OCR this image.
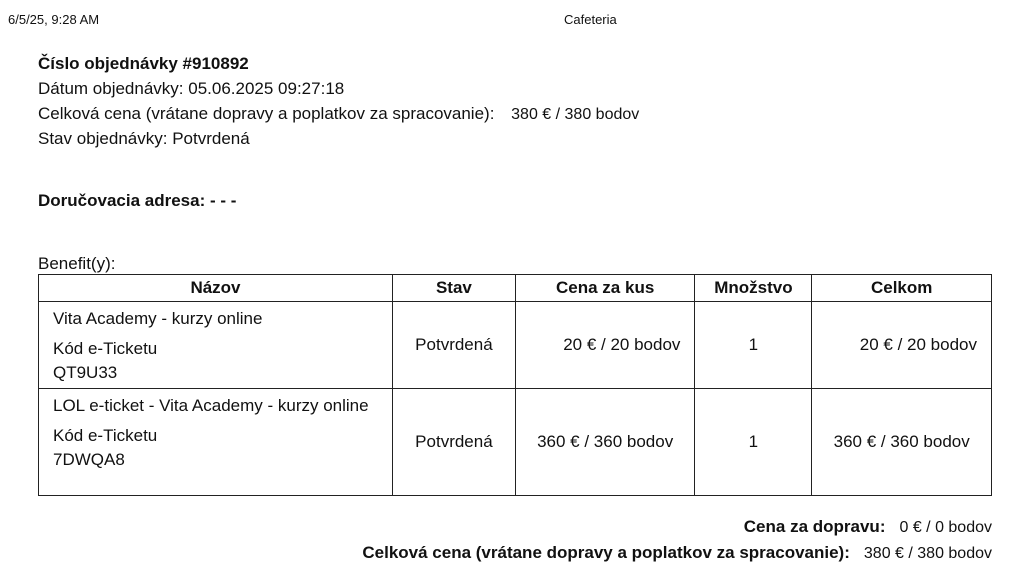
6/5/25, 9:28 AM	Cafeteria
Číslo objednávky #910892
Dátum objednávky: 05.06.2025 09:27:18
Celková cena (vrátane dopravy a poplatkov za spracovanie): 380 € / 380 bodov
Stav objednávky: Potvrdená
Doručovacia adresa: - - -
Benefit(y):
Názov	Stav	Cena za kus	Množstvo	Celkom

Vita Academy - kurzy online
Kód e-Ticketu
QT9U33	Potvrdená	20 € / 20 bodov	1	20 € / 20 bodov

LOL e-ticket - Vita Academy - kurzy online
Kód e-Ticketu
7DWQA8	Potvrdená	360 € / 360 bodov	1	360 € / 360 bodov
Cena za dopravu: 0 € / 0 bodov
Celková cena (vrátane dopravy a poplatkov za spracovanie): 380 € / 380 bodov
